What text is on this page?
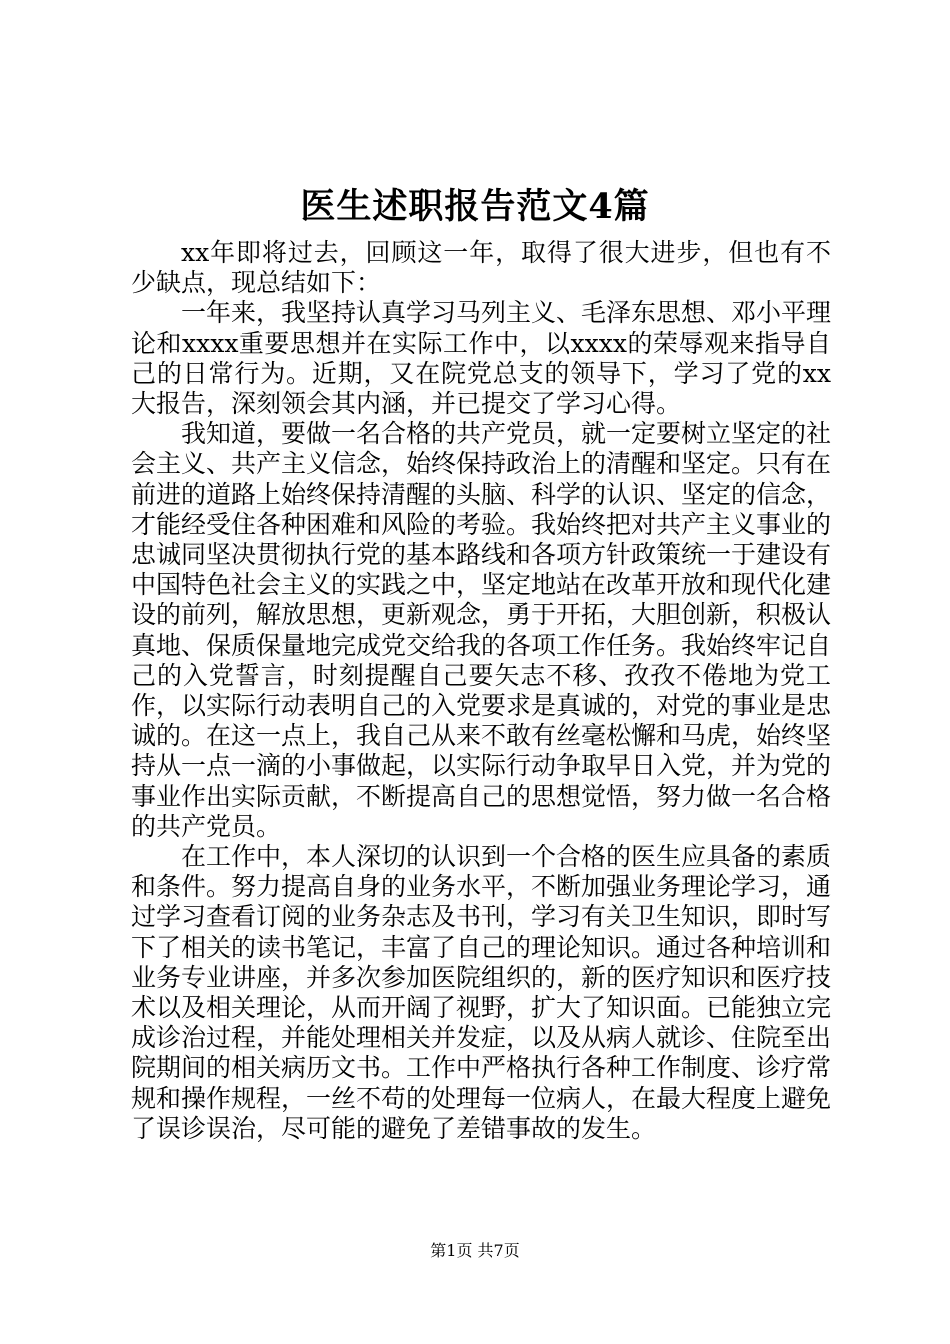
医生述职报告范文4篇

xx年即将过去，回顾这一年，取得了很大进步，但也有不少缺点，现总结如下：

一年来，我坚持认真学习马列主义、毛泽东思想、邓小平理论和xxxx重要思想并在实际工作中，以xxxx的荣辱观来指导自己的日常行为。近期，又在院党总支的领导下，学习了党的xx大报告，深刻领会其内涵，并已提交了学习心得。

我知道，要做一名合格的共产党员，就一定要树立坚定的社会主义、共产主义信念，始终保持政治上的清醒和坚定。只有在前进的道路上始终保持清醒的头脑、科学的认识、坚定的信念，才能经受住各种困难和风险的考验。我始终把对共产主义事业的忠诚同坚决贯彻执行党的基本路线和各项方针政策统一于建设有中国特色社会主义的实践之中，坚定地站在改革开放和现代化建设的前列，解放思想，更新观念，勇于开拓，大胆创新，积极认真地、保质保量地完成党交给我的各项工作任务。我始终牢记自己的入党誓言，时刻提醒自己要矢志不移、孜孜不倦地为党工作，以实际行动表明自己的入党要求是真诚的，对党的事业是忠诚的。在这一点上，我自己从来不敢有丝毫松懈和马虎，始终坚持从一点一滴的小事做起，以实际行动争取早日入党，并为党的事业作出实际贡献，不断提高自己的思想觉悟，努力做一名合格的共产党员。

在工作中，本人深切的认识到一个合格的医生应具备的素质和条件。努力提高自身的业务水平，不断加强业务理论学习，通过学习查看订阅的业务杂志及书刊，学习有关卫生知识，即时写下了相关的读书笔记，丰富了自己的理论知识。通过各种培训和业务专业讲座，并多次参加医院组织的，新的医疗知识和医疗技术以及相关理论，从而开阔了视野，扩大了知识面。已能独立完成诊治过程，并能处理相关并发症，以及从病人就诊、住院至出院期间的相关病历文书。工作中严格执行各种工作制度、诊疗常规和操作规程，一丝不苟的处理每一位病人，在最大程度上避免了误诊误治，尽可能的避免了差错事故的发生。

第1页 共7页
